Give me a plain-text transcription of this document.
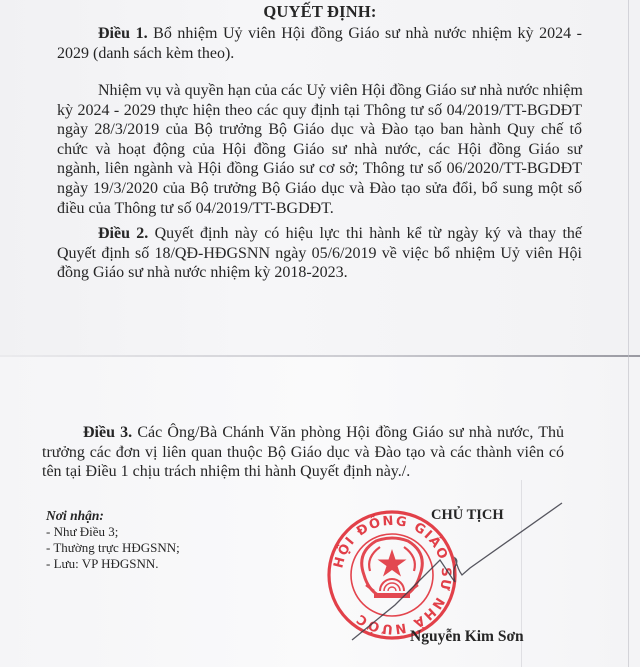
QUYẾT ĐỊNH:
Điều 1. Bổ nhiệm Uỷ viên Hội đồng Giáo sư nhà nước nhiệm kỳ 2024 -
2029 (danh sách kèm theo).
Nhiệm vụ và quyền hạn của các Uỷ viên Hội đồng Giáo sư nhà nước nhiệm
kỳ 2024 - 2029 thực hiện theo các quy định tại Thông tư số 04/2019/TT-BGDĐT
ngày 28/3/2019 của Bộ trưởng Bộ Giáo dục và Đào tạo ban hành Quy chế tổ
chức và hoạt động của Hội đồng Giáo sư nhà nước, các Hội đồng Giáo sư
ngành, liên ngành và Hội đồng Giáo sư cơ sở; Thông tư số 06/2020/TT-BGDĐT
ngày 19/3/2020 của Bộ trưởng Bộ Giáo dục và Đào tạo sửa đổi, bổ sung một số
điều của Thông tư số 04/2019/TT-BGDĐT.
Điều 2. Quyết định này có hiệu lực thi hành kể từ ngày ký và thay thế
Quyết định số 18/QĐ-HĐGSNN ngày 05/6/2019 về việc bổ nhiệm Uỷ viên Hội
đồng Giáo sư nhà nước nhiệm kỳ 2018-2023.
Điều 3. Các Ông/Bà Chánh Văn phòng Hội đồng Giáo sư nhà nước, Thủ
trưởng các đơn vị liên quan thuộc Bộ Giáo dục và Đào tạo và các thành viên có
tên tại Điều 1 chịu trách nhiệm thi hành Quyết định này./.
Nơi nhận:
- Như Điều 3;
- Thường trực HĐGSNN;
- Lưu: VP HĐGSNN.	HỘI ĐỒNG GIÁO SƯ NHÀ NƯỚC
CHỦ TỊCH
Nguyễn Kim Sơn
